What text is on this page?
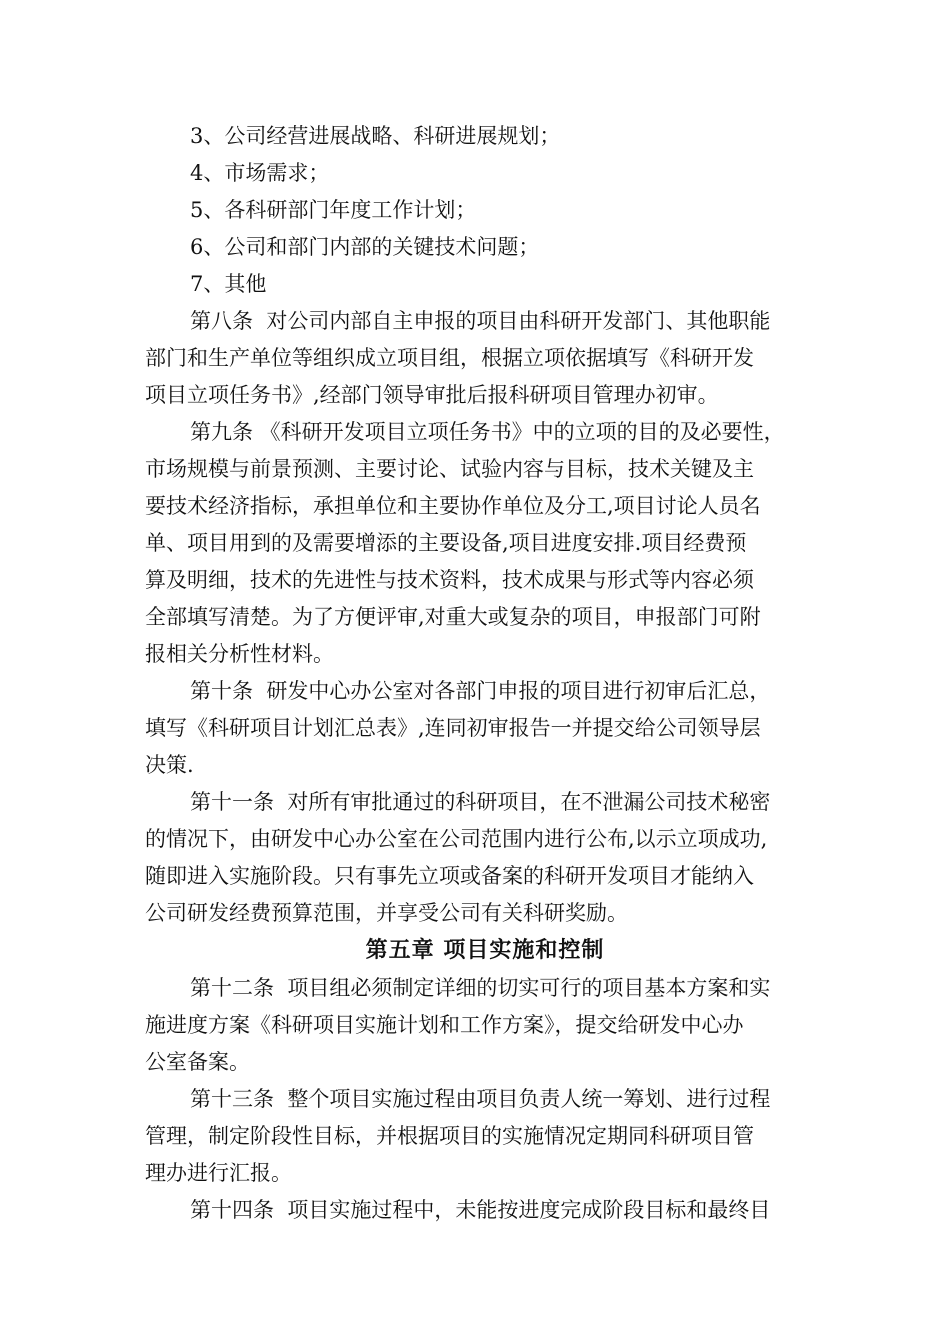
3、公司经营进展战略、科研进展规划；
4、市场需求；
5、各科研部门年度工作计划；
6、公司和部门内部的关键技术问题；
7、其他
第八条  对公司内部自主申报的项目由科研开发部门、其他职能
部门和生产单位等组织成立项目组，根据立项依据填写《科研开发
项目立项任务书》,经部门领导审批后报科研项目管理办初审。
第九条 《科研开发项目立项任务书》中的立项的目的及必要性，
市场规模与前景预测、主要讨论、试验内容与目标，技术关键及主
要技术经济指标，承担单位和主要协作单位及分工,项目讨论人员名
单、项目用到的及需要增添的主要设备,项目进度安排.项目经费预
算及明细，技术的先进性与技术资料，技术成果与形式等内容必须
全部填写清楚。为了方便评审,对重大或复杂的项目，申报部门可附
报相关分析性材料。
第十条  研发中心办公室对各部门申报的项目进行初审后汇总，
填写《科研项目计划汇总表》,连同初审报告一并提交给公司领导层
决策.
第十一条  对所有审批通过的科研项目，在不泄漏公司技术秘密
的情况下，由研发中心办公室在公司范围内进行公布,以示立项成功,
随即进入实施阶段。只有事先立项或备案的科研开发项目才能纳入
公司研发经费预算范围，并享受公司有关科研奖励。
第五章 项目实施和控制
第十二条  项目组必须制定详细的切实可行的项目基本方案和实
施进度方案《科研项目实施计划和工作方案》，提交给研发中心办
公室备案。
第十三条  整个项目实施过程由项目负责人统一筹划、进行过程
管理，制定阶段性目标，并根据项目的实施情况定期同科研项目管
理办进行汇报。
第十四条  项目实施过程中，未能按进度完成阶段目标和最终目
